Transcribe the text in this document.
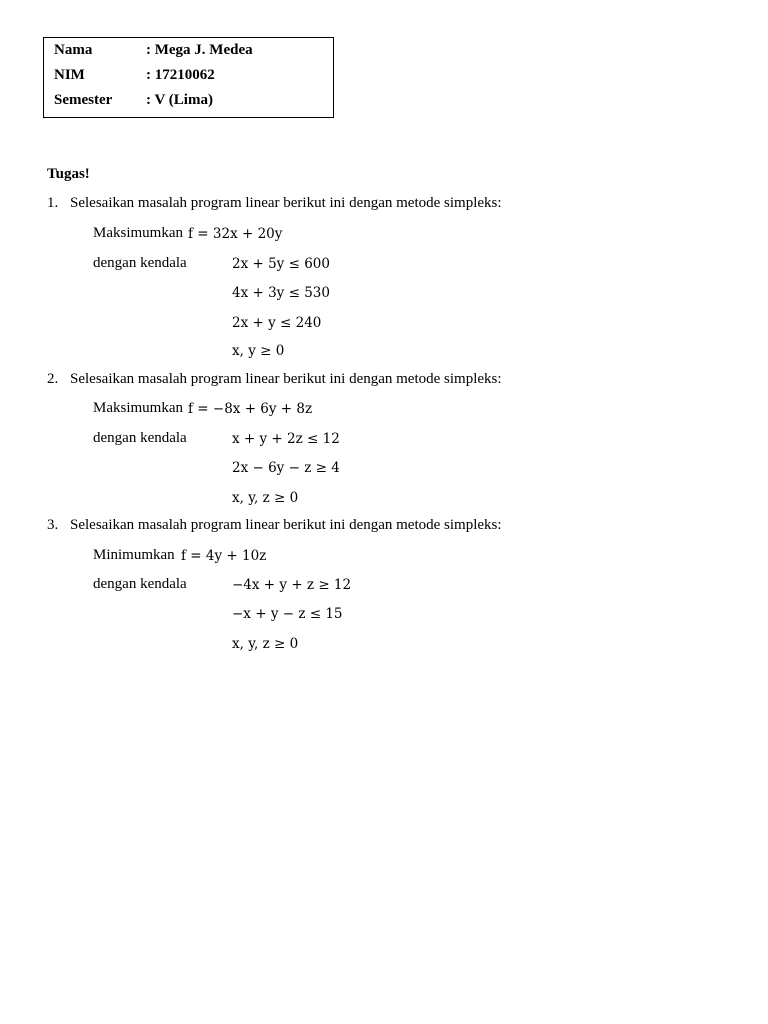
Nama	: Mega J. Medea
NIM	: 17210062
Semester : V (Lima)
Tugas!
1. Selesaikan masalah program linear berikut ini dengan metode simpleks:
Maksimumkan f = 32x + 20y
dengan kendala	2x + 5y ≤ 600
4x + 3y ≤ 530
2x + y ≤ 240
x, y ≥ 0
2. Selesaikan masalah program linear berikut ini dengan metode simpleks:
Maksimumkan f = −8x + 6y + 8z
dengan kendala	x + y + 2z ≤ 12
2x − 6y − z ≥ 4
x, y, z ≥ 0
3. Selesaikan masalah program linear berikut ini dengan metode simpleks:
Minimumkan f = 4y + 10z
dengan kendala	−4x + y + z ≥ 12
−x + y − z ≤ 15
x, y, z ≥ 0
